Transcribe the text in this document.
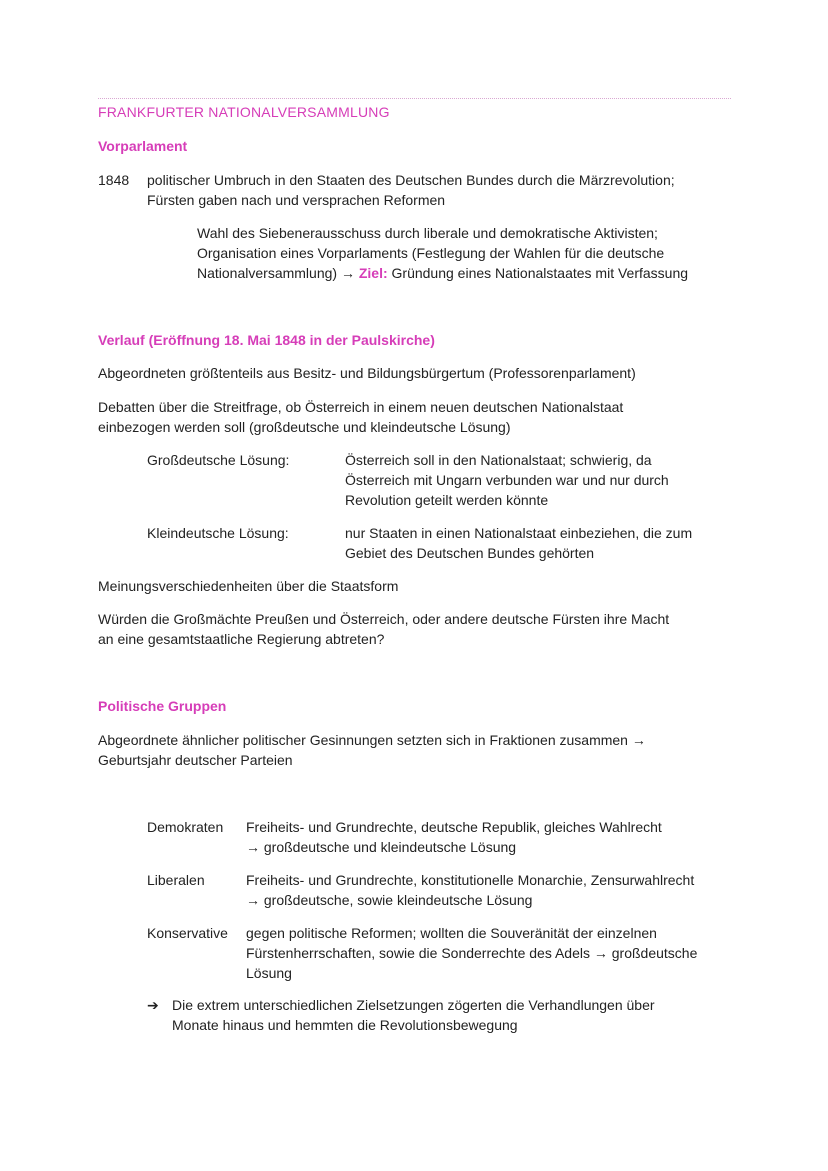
FRANKFURTER NATIONALVERSAMMLUNG
Vorparlament
1848 politischer Umbruch in den Staaten des Deutschen Bundes durch die Märzrevolution;
Fürsten gaben nach und versprachen Reformen
Wahl des Siebenerausschuss durch liberale und demokratische Aktivisten;
Organisation eines Vorparlaments (Festlegung der Wahlen für die deutsche
Nationalversammlung) → Ziel: Gründung eines Nationalstaates mit Verfassung
Verlauf (Eröffnung 18. Mai 1848 in der Paulskirche)
Abgeordneten größtenteils aus Besitz- und Bildungsbürgertum (Professorenparlament)
Debatten über die Streitfrage, ob Österreich in einem neuen deutschen Nationalstaat
einbezogen werden soll (großdeutsche und kleindeutsche Lösung)
Großdeutsche Lösung:	Österreich soll in den Nationalstaat; schwierig, da
Österreich mit Ungarn verbunden war und nur durch
Revolution geteilt werden könnte
Kleindeutsche Lösung:	nur Staaten in einen Nationalstaat einbeziehen, die zum
Gebiet des Deutschen Bundes gehörten
Meinungsverschiedenheiten über die Staatsform
Würden die Großmächte Preußen und Österreich, oder andere deutsche Fürsten ihre Macht
an eine gesamtstaatliche Regierung abtreten?
Politische Gruppen
Abgeordnete ähnlicher politischer Gesinnungen setzten sich in Fraktionen zusammen →
Geburtsjahr deutscher Parteien
Demokraten Freiheits- und Grundrechte, deutsche Republik, gleiches Wahlrecht
→ großdeutsche und kleindeutsche Lösung
Liberalen	Freiheits- und Grundrechte, konstitutionelle Monarchie, Zensurwahlrecht
→ großdeutsche, sowie kleindeutsche Lösung
Konservative gegen politische Reformen; wollten die Souveränität der einzelnen
Fürstenherrschaften, sowie die Sonderrechte des Adels → großdeutsche
Lösung
➔ Die extrem unterschiedlichen Zielsetzungen zögerten die Verhandlungen über
Monate hinaus und hemmten die Revolutionsbewegung
